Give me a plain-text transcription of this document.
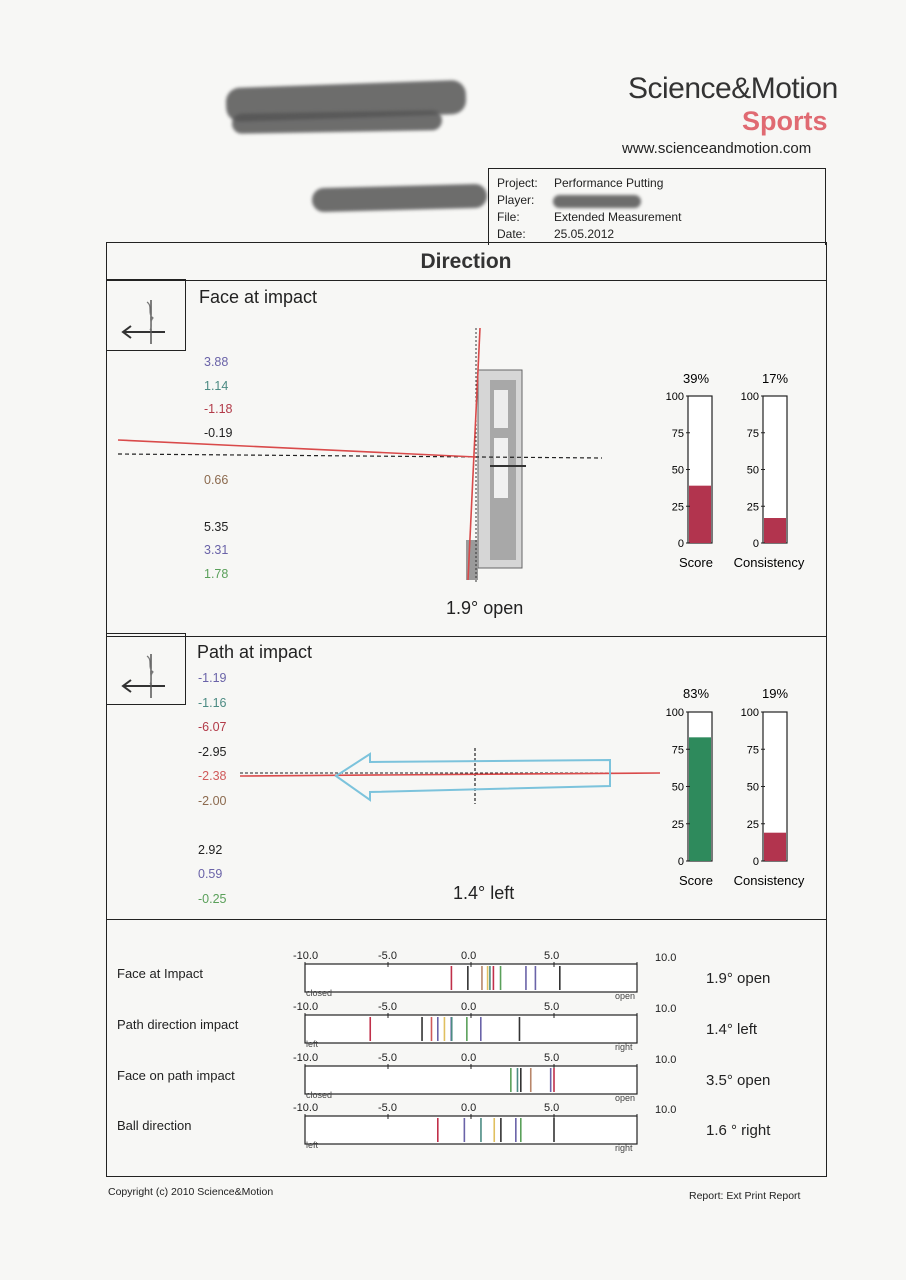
Science&Motion
Sports
www.scienceandmotion.com
Project: Performance Putting
Player:
File:	Extended Measurement
Date: 25.05.2012
Direction
Face at impact
3.88
1.14
-1.18
-0.19
0.66
5.35
3.31
1.78
1.9° open
39%	17%
0
25
50
75
100
0
25
50
75
100
Score Consistency
Path at impact
-1.19
-1.16
-6.07
-2.95
-2.38
-2.00
2.92
0.59
-0.25	1.4° left
83%	19%
0
25
50
75
100
0
25
50
75
100
Score Consistency
Face at Impact	1.9° open
-10.0	-5.0	0.0	5.0	10.0
closed	open
Path direction impact	1.4° left
-10.0	-5.0	0.0	5.0	10.0
left	right
Face on path impact	3.5° open
-10.0	-5.0	0.0	5.0	10.0
closed	open
Ball direction	1.6 ° right
-10.0	-5.0	0.0	5.0	10.0
left	right
Copyright (c) 2010 Science&Motion	Report: Ext Print Report
